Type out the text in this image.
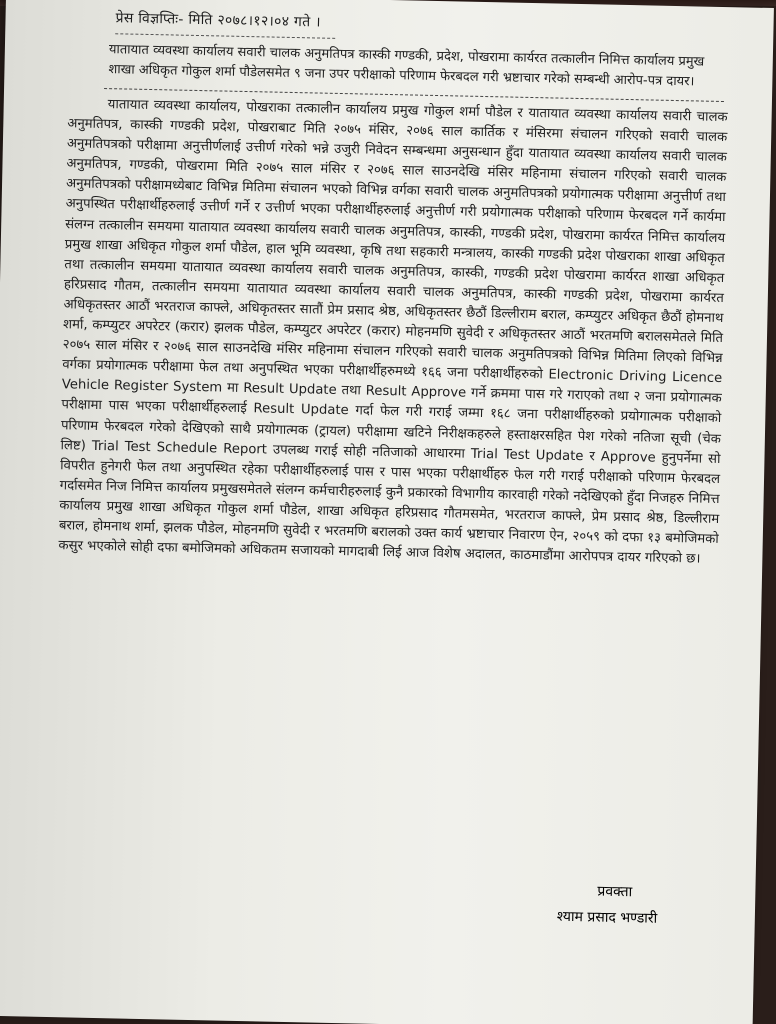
प्रेस विज्ञप्तिः- मिति २०७८।१२।०४ गते ।
यातायात व्यवस्था कार्यालय सवारी चालक अनुमतिपत्र कास्की गण्डकी, प्रदेश, पोखरामा कार्यरत तत्कालीन निमित्त कार्यालय प्रमुख शाखा अधिकृत गोकुल शर्मा पौडेलसमेत ९ जना उपर परीक्षाको परिणाम फेरबदल गरी भ्रष्टाचार गरेको सम्बन्धी आरोप-पत्र दायर।
यातायात व्यवस्था कार्यालय, पोखराका तत्कालीन कार्यालय प्रमुख गोकुल शर्मा पौडेल र यातायात व्यवस्था कार्यालय सवारी चालक अनुमतिपत्र, कास्की गण्डकी प्रदेश, पोखराबाट मिति २०७५ मंसिर, २०७६ साल कार्तिक र मंसिरमा संचालन गरिएको सवारी चालक अनुमतिपत्रको परीक्षामा अनुत्तीर्णलाई उत्तीर्ण गरेको भन्ने उजुरी निवेदन सम्बन्धमा अनुसन्धान हुँदा यातायात व्यवस्था कार्यालय सवारी चालक अनुमतिपत्र, गण्डकी, पोखरामा मिति २०७५ साल मंसिर र २०७६ साल साउनदेखि मंसिर महिनामा संचालन गरिएको सवारी चालक अनुमतिपत्रको परीक्षामध्येबाट विभिन्न मितिमा संचालन भएको विभिन्न वर्गका सवारी चालक अनुमतिपत्रको प्रयोगात्मक परीक्षामा अनुत्तीर्ण तथा अनुपस्थित परीक्षार्थीहरुलाई उत्तीर्ण गर्ने र उत्तीर्ण भएका परीक्षार्थीहरुलाई अनुत्तीर्ण गरी प्रयोगात्मक परीक्षाको परिणाम फेरबदल गर्ने कार्यमा संलग्न तत्कालीन समयमा यातायात व्यवस्था कार्यालय सवारी चालक अनुमतिपत्र, कास्की, गण्डकी प्रदेश, पोखरामा कार्यरत निमित्त कार्यालय प्रमुख शाखा अधिकृत गोकुल शर्मा पौडेल, हाल भूमि व्यवस्था, कृषि तथा सहकारी मन्त्रालय, कास्की गण्डकी प्रदेश पोखराका शाखा अधिकृत तथा तत्कालीन समयमा यातायात व्यवस्था कार्यालय सवारी चालक अनुमतिपत्र, कास्की, गण्डकी प्रदेश पोखरामा कार्यरत शाखा अधिकृत हरिप्रसाद गौतम, तत्कालीन समयमा यातायात व्यवस्था कार्यालय सवारी चालक अनुमतिपत्र, कास्की गण्डकी प्रदेश, पोखरामा कार्यरत अधिकृतस्तर आठौं भरतराज काफ्ले, अधिकृतस्तर सातौं प्रेम प्रसाद श्रेष्ठ, अधिकृतस्तर छैठौं डिल्लीराम बराल, कम्प्युटर अधिकृत छैठौं होमनाथ शर्मा, कम्प्युटर अपरेटर (करार) झलक पौडेल, कम्प्युटर अपरेटर (करार) मोहनमणि सुवेदी र अधिकृतस्तर आठौं भरतमणि बरालसमेतले मिति २०७५ साल मंसिर र २०७६ साल साउनदेखि मंसिर महिनामा संचालन गरिएको सवारी चालक अनुमतिपत्रको विभिन्न मितिमा लिएको विभिन्न वर्गका प्रयोगात्मक परीक्षामा फेल तथा अनुपस्थित भएका परीक्षार्थीहरुमध्ये १६६ जना परीक्षार्थीहरुको Electronic Driving Licence Vehicle Register System मा Result Update तथा Result Approve गर्ने क्रममा पास गरे गराएको तथा २ जना प्रयोगात्मक परीक्षामा पास भएका परीक्षार्थीहरुलाई Result Update गर्दा फेल गरी गराई जम्मा १६८ जना परीक्षार्थीहरुको प्रयोगात्मक परीक्षाको परिणाम फेरबदल गरेको देखिएको साथै प्रयोगात्मक (ट्रायल) परीक्षामा खटिने निरीक्षकहरुले हस्ताक्षरसहित पेश गरेको नतिजा सूची (चेक लिष्ट) Trial Test Schedule Report उपलब्ध गराई सोही नतिजाको आधारमा Trial Test Update र Approve हुनुपर्नेमा सो विपरीत हुनेगरी फेल तथा अनुपस्थित रहेका परीक्षार्थीहरुलाई पास र पास भएका परीक्षार्थीहरु फेल गरी गराई परीक्षाको परिणाम फेरबदल गर्दासमेत निज निमित्त कार्यालय प्रमुखसमेतले संलग्न कर्मचारीहरुलाई कुनै प्रकारको विभागीय कारवाही गरेको नदेखिएको हुँदा निजहरु निमित्त कार्यालय प्रमुख शाखा अधिकृत गोकुल शर्मा पौडेल, शाखा अधिकृत हरिप्रसाद गौतमसमेत, भरतराज काफ्ले, प्रेम प्रसाद श्रेष्ठ, डिल्लीराम बराल, होमनाथ शर्मा, झलक पौडेल, मोहनमणि सुवेदी र भरतमणि बरालको उक्त कार्य भ्रष्टाचार निवारण ऐन, २०५९ को दफा १३ बमोजिमको कसुर भएकोले सोही दफा बमोजिमको अधिकतम सजायको मागदाबी लिई आज विशेष अदालत, काठमाडौंमा आरोपपत्र दायर गरिएको छ।
प्रवक्ता
श्याम प्रसाद भण्डारी
